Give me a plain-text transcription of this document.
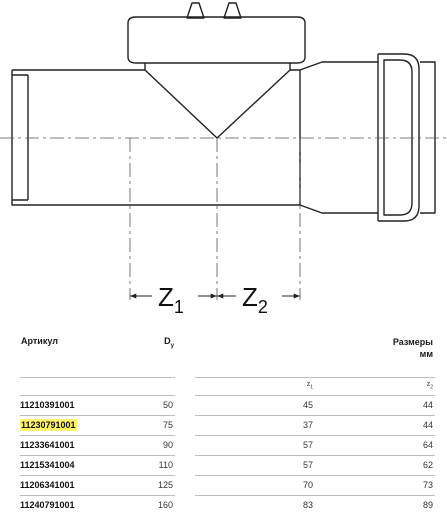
$Z_1$ $Z_2$
Артикул	$D_y$		Размеры
мм		

			$z_1$		$z_2$
11210391001	50		45		44
11230791001	75		37		44
11233641001	90		57		64
11215341004	110		57		62
11206341001	125		70		73
11240791001	160		83		89
